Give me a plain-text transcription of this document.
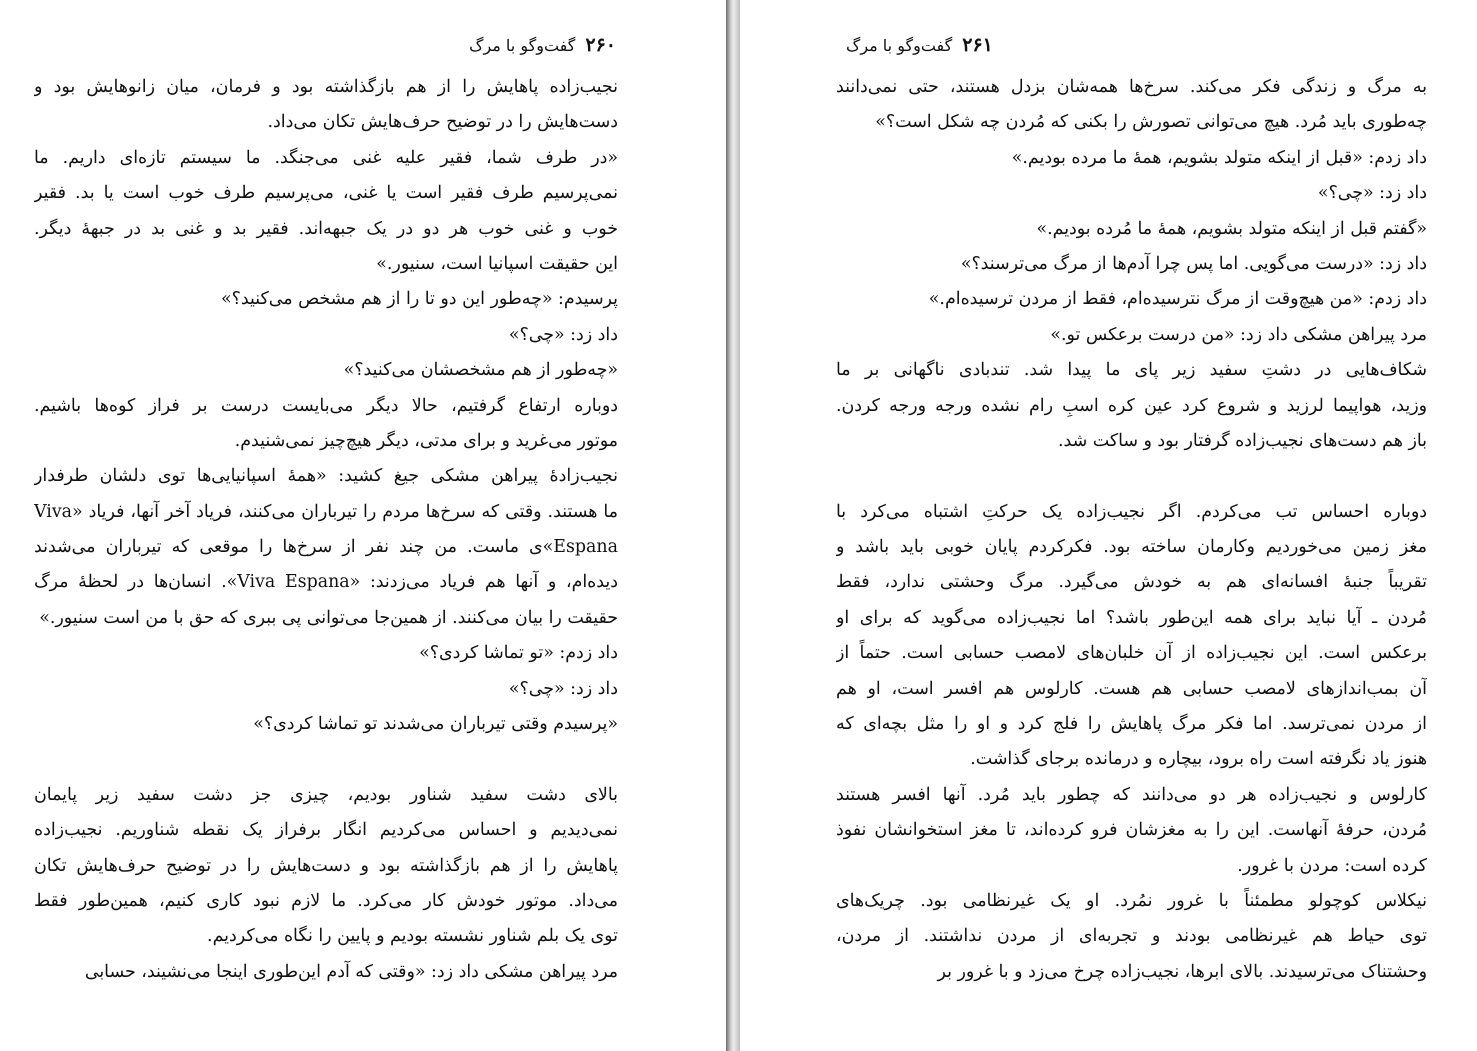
۲۶۰گفت‌وگو با مرگ
نجیب‌زاده پاهایش را از هم بازگذاشته بود و فرمان، میان زانوهایش بود و
دست‌هایش را در توضیح حرف‌هایش تکان می‌داد.
«در طرف شما، فقیر علیه غنی می‌جنگد. ما سیستم تازه‌ای داریم. ما
نمی‌پرسیم طرف فقیر است یا غنی، می‌پرسیم طرف خوب است یا بد. فقیر
خوب و غنی خوب هر دو در یک جبهه‌اند. فقیر بد و غنی بد در جبههٔ دیگر.
این حقیقت اسپانیا است، سنیور.»
پرسیدم: «چه‌طور این دو تا را از هم مشخص می‌کنید؟»
داد زد: «چی؟»
«چه‌طور از هم مشخصشان می‌کنید؟»
دوباره ارتفاع گرفتیم، حالا دیگر می‌بایست درست بر فراز کوه‌ها باشیم.
موتور می‌غرید و برای مدتی، دیگر هیچ‌چیز نمی‌شنیدم.
نجیب‌زادهٔ پیراهن مشکی جیغ کشید: «همهٔ اسپانیایی‌ها توی دلشان طرفدار
ما هستند. وقتی که سرخ‌ها مردم را تیرباران می‌کنند، فریاد آخر آنها، فریاد «Viva
Espana»ی ماست. من چند نفر از سرخ‌ها را موقعی که تیرباران می‌شدند
دیده‌ام، و آنها هم فریاد می‌زدند: «Viva Espana». انسان‌ها در لحظهٔ مرگ
حقیقت را بیان می‌کنند. از همین‌جا می‌توانی پی ببری که حق با من است سنیور.»
داد زدم: «تو تماشا کردی؟»
داد زد: «چی؟»
«پرسیدم وقتی تیرباران می‌شدند تو تماشا کردی؟»
بالای دشت سفید شناور بودیم، چیزی جز دشت سفید زیر پایمان
نمی‌دیدیم و احساس می‌کردیم انگار برفراز یک نقطه شناوریم. نجیب‌زاده
پاهایش را از هم بازگذاشته بود و دست‌هایش را در توضیح حرف‌هایش تکان
می‌داد. موتور خودش کار می‌کرد. ما لازم نبود کاری کنیم، همین‌طور فقط
توی یک بلم شناور نشسته بودیم و پایین را نگاه می‌کردیم.
مرد پیراهن مشکی داد زد: «وقتی که آدم این‌طوری اینجا می‌نشیند، حسابی
۲۶۱گفت‌وگو با مرگ
به مرگ و زندگی فکر می‌کند. سرخ‌ها همه‌شان بزدل هستند، حتی نمی‌دانند
چه‌طوری باید مُرد. هیچ می‌توانی تصورش را بکنی که مُردن چه شکل است؟»
داد زدم: «قبل از اینکه متولد بشویم، همهٔ ما مرده بودیم.»
داد زد: «چی؟»
«گفتم قبل از اینکه متولد بشویم، همهٔ ما مُرده بودیم.»
داد زد: «درست می‌گویی. اما پس چرا آدم‌ها از مرگ می‌ترسند؟»
داد زدم: «من هیچ‌وقت از مرگ نترسیده‌ام، فقط از مردن ترسیده‌ام.»
مرد پیراهن مشکی داد زد: «من درست برعکس تو.»
شکاف‌هایی در دشتِ سفید زیر پای ما پیدا شد. تندبادی ناگهانی بر ما
وزید، هواپیما لرزید و شروع کرد عین کره اسبِ رام نشده ورجه ورجه کردن.
باز هم دست‌های نجیب‌زاده گرفتار بود و ساکت شد.
دوباره احساس تب می‌کردم. اگر نجیب‌زاده یک حرکتِ اشتباه می‌کرد با
مغز زمین می‌خوردیم وکارمان ساخته بود. فکرکردم پایان خوبی باید باشد و
تقریباً جنبهٔ افسانه‌ای هم به خودش می‌گیرد. مرگ وحشتی ندارد، فقط
مُردن ـ آیا نباید برای همه این‌طور باشد؟ اما نجیب‌زاده می‌گوید که برای او
برعکس است. این نجیب‌زاده از آن خلبان‌های لامصب حسابی است. حتماً از
آن بمب‌اندازهای لامصب حسابی هم هست. کارلوس هم افسر است، او هم
از مردن نمی‌ترسد. اما فکر مرگ پاهایش را فلج کرد و او را مثل بچه‌ای که
هنوز یاد نگرفته است راه برود، بیچاره و درمانده برجای گذاشت.
کارلوس و نجیب‌زاده هر دو می‌دانند که چطور باید مُرد. آنها افسر هستند
مُردن، حرفهٔ آنهاست. این را به مغزشان فرو کرده‌اند، تا مغز استخوانشان نفوذ
کرده است: مردن با غرور.
نیکلاس کوچولو مطمئناً با غرور نمُرد. او یک غیرنظامی بود. چریک‌های
توی حیاط هم غیرنظامی بودند و تجربه‌ای از مردن نداشتند. از مردن،
وحشتناک می‌ترسیدند. بالای ابرها، نجیب‌زاده چرخ می‌زد و با غرور بر
